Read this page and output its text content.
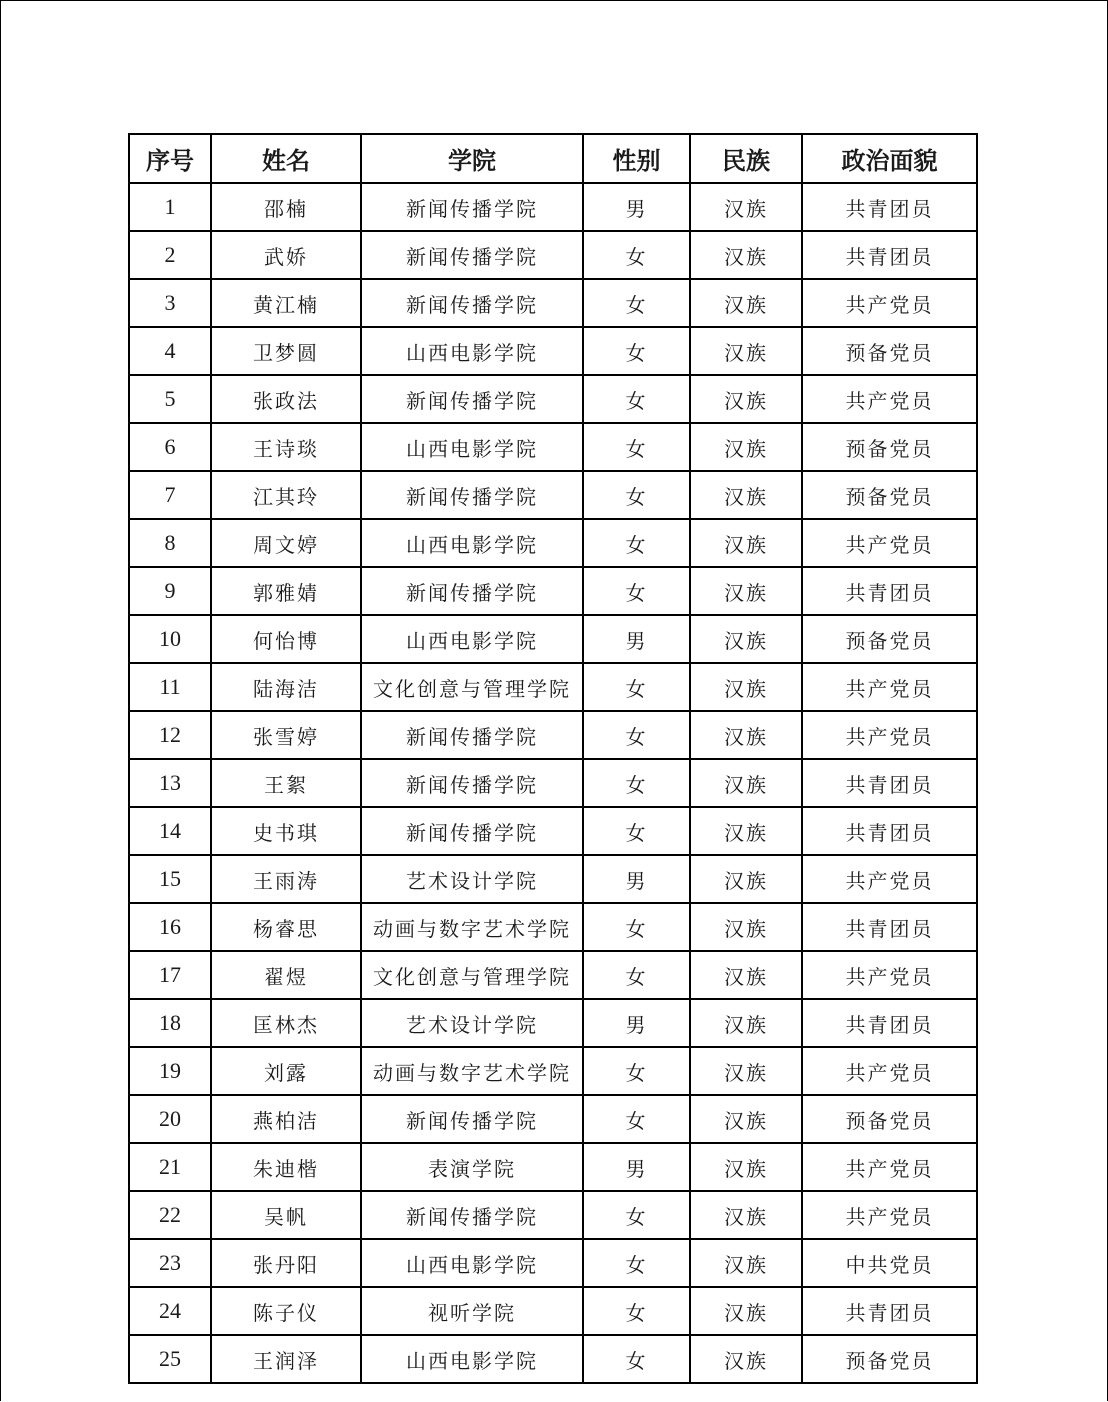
序号	姓名	学院	性别	民族	政治面貌
1	邵楠	新闻传播学院	男	汉族	共青团员
2	武娇	新闻传播学院	女	汉族	共青团员
3	黄江楠	新闻传播学院	女	汉族	共产党员
4	卫梦圆	山西电影学院	女	汉族	预备党员
5	张政法	新闻传播学院	女	汉族	共产党员
6	王诗琰	山西电影学院	女	汉族	预备党员
7	江其玲	新闻传播学院	女	汉族	预备党员
8	周文婷	山西电影学院	女	汉族	共产党员
9	郭雅婧	新闻传播学院	女	汉族	共青团员
10	何怡博	山西电影学院	男	汉族	预备党员
11	陆海洁	文化创意与管理学院	女	汉族	共产党员
12	张雪婷	新闻传播学院	女	汉族	共产党员
13	王絮	新闻传播学院	女	汉族	共青团员
14	史书琪	新闻传播学院	女	汉族	共青团员
15	王雨涛	艺术设计学院	男	汉族	共产党员
16	杨睿思	动画与数字艺术学院	女	汉族	共青团员
17	翟煜	文化创意与管理学院	女	汉族	共产党员
18	匡林杰	艺术设计学院	男	汉族	共青团员
19	刘露	动画与数字艺术学院	女	汉族	共产党员
20	燕柏洁	新闻传播学院	女	汉族	预备党员
21	朱迪楷	表演学院	男	汉族	共产党员
22	吴帆	新闻传播学院	女	汉族	共产党员
23	张丹阳	山西电影学院	女	汉族	中共党员
24	陈子仪	视听学院	女	汉族	共青团员
25	王润泽	山西电影学院	女	汉族	预备党员
